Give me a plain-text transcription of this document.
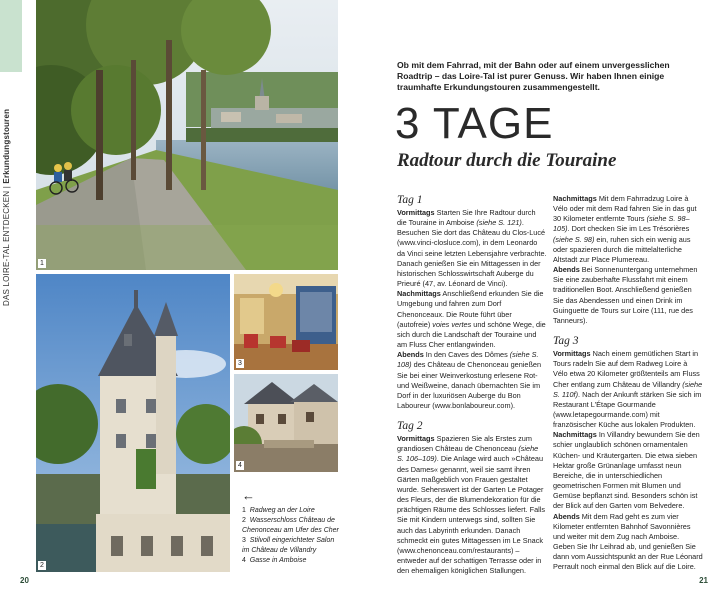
DAS LOIRE-TAL ENTDECKEN | Erkundungstouren
1
2
3
4
←
1 Radweg an der Loire
2 Wasserschloss Château de Chenonceau am Ufer des Cher
3 Stilvoll eingerichteter Salon im Château de Villandry
4 Gasse in Amboise
20	21
Ob mit dem Fahrrad, mit der Bahn oder auf einem unvergesslichen Roadtrip – das Loire-Tal ist purer Genuss. Wir haben Ihnen einige traumhafte Erkundungstouren zusammengestellt.
3 TAGE
Radtour durch die Touraine
Tag 1

Vormittags Starten Sie Ihre Radtour durch die Touraine in Amboise (siehe S. 121). Besuchen Sie dort das Château du Clos-Lucé (www.vinci-closluce.com), in dem Leonardo da Vinci seine letzten Lebensjahre verbrachte. Danach genießen Sie ein Mittagessen in der historischen Schlosswirtschaft Auberge du Prieuré (47, av. Léonard de Vinci).
Nachmittags Anschließend erkunden Sie die Umgebung und fahren zum Dorf Chenonceaux. Die Route führt über (autofreie) voies vertes und schöne Wege, die sich durch die Landschaft der Touraine und am Fluss Cher entlangwinden.
Abends In den Caves des Dômes (siehe S. 108) des Château de Chenonceau genießen Sie bei einer Weinverkostung erlesene Rot- und Weißweine, danach übernachten Sie im Dorf in der luxuriösen Auberge du Bon Laboureur (www.bonlaboureur.com).

Tag 2

Vormittags Spazieren Sie als Erstes zum grandiosen Château de Chenonceau (siehe S. 106–109). Die Anlage wird auch »Château des Dames« genannt, weil sie samt ihren Gärten maßgeblich von Frauen gestaltet wurde. Sehenswert ist der Garten Le Potager des Fleurs, der die Blumendekoration für die prächtigen Räume des Schlosses liefert. Falls Sie mit Kindern unterwegs sind, sollten Sie auch das Labyrinth erkunden. Danach schmeckt ein gutes Mittagessen im Le Snack (www.chenonceau.com/restaurants) – entweder auf der schattigen Terrasse oder in den ehemaligen königlichen Stallungen.

Nachmittags Mit dem Fahrradzug Loire à Vélo oder mit dem Rad fahren Sie in das gut 30 Kilometer entfernte Tours (siehe S. 98–105). Dort checken Sie im Les Trésorières (siehe S. 98) ein, ruhen sich ein wenig aus oder spazieren durch die mittelalterliche Altstadt zur Place Plumereau.
Abends Bei Sonnenuntergang unternehmen Sie eine zauberhafte Flussfahrt mit einem traditionellen Boot. Anschließend genießen Sie das Abendessen und einen Drink im Guinguette de Tours sur Loire (111, rue des Tanneurs).

Tag 3

Vormittags Nach einem gemütlichen Start in Tours radeln Sie auf dem Radweg Loire à Vélo etwa 20 Kilometer größtenteils am Fluss Cher entlang zum Château de Villandry (siehe S. 110f). Nach der Ankunft stärken Sie sich im Restaurant L'Étape Gourmande (www.letapegourmande.com) mit französischer Küche aus lokalen Produkten.
Nachmittags In Villandry bewundern Sie den schier unglaublich schönen ornamentalen Küchen- und Kräutergarten. Die etwa sieben Hektar große Grünanlage umfasst neun Bereiche, die in unterschiedlichen geometrischen Formen mit Blumen und Gemüse bepflanzt sind. Besonders schön ist der Blick auf den Garten vom Belvedere.
Abends Mit dem Rad geht es zum vier Kilometer entfernten Bahnhof Savonnières und weiter mit dem Zug nach Amboise. Geben Sie Ihr Leihrad ab, und genießen Sie dann vom Aussichtspunkt an der Rue Léonard Perrault noch einmal den Blick auf die Loire.
